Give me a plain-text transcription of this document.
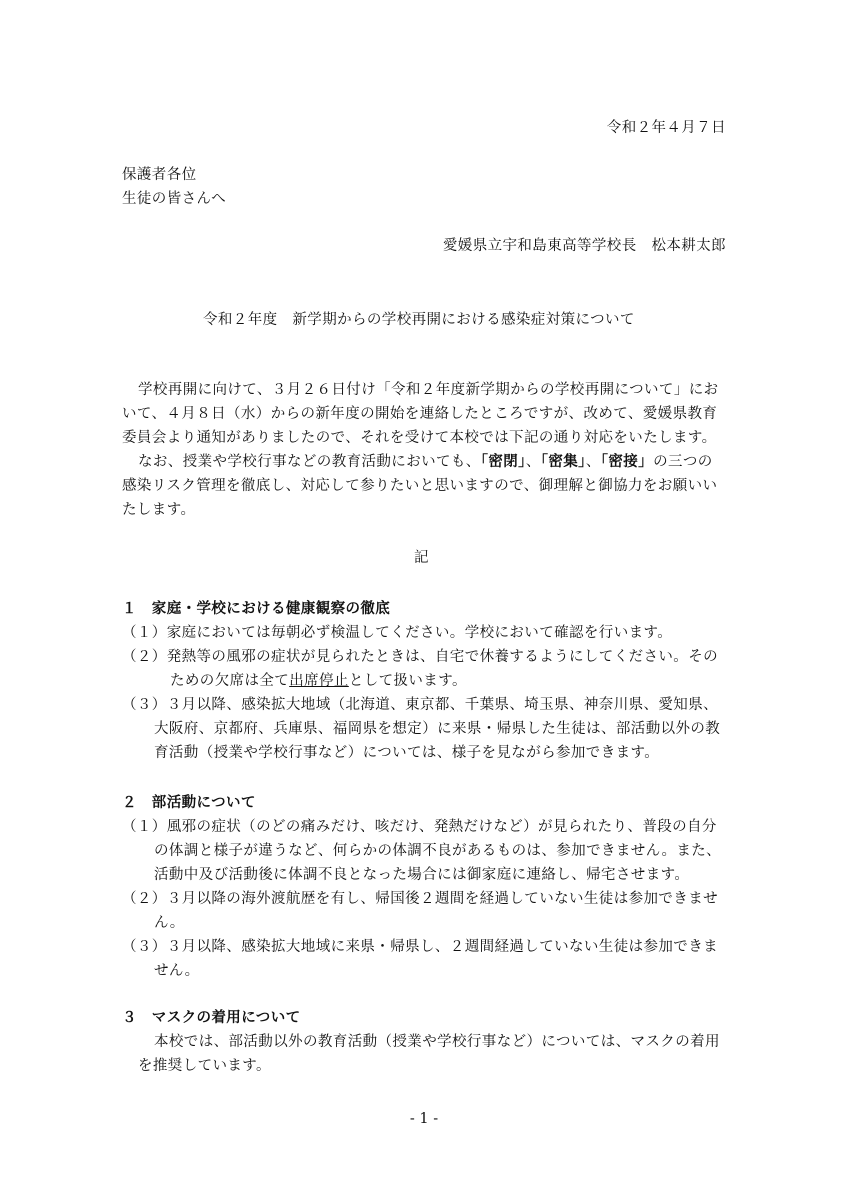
令和２年４月７日
保護者各位
生徒の皆さんへ
愛媛県立宇和島東高等学校長　松本耕太郎
令和２年度　新学期からの学校再開における感染症対策について
学校再開に向けて、３月２６日付け「令和２年度新学期からの学校再開について」にお
いて、４月８日（水）からの新年度の開始を連絡したところですが、改めて、愛媛県教育
委員会より通知がありましたので、それを受けて本校では下記の通り対応をいたします。
なお、授業や学校行事などの教育活動においても、「密閉」、「密集」、「密接」の三つの
感染リスク管理を徹底し、対応して参りたいと思いますので、御理解と御協力をお願いい
たします。
記
１　家庭・学校における健康観察の徹底
（１）家庭においては毎朝必ず検温してください。学校において確認を行います。
（２）発熱等の風邪の症状が見られたときは、自宅で休養するようにしてください。その
ための欠席は全て出席停止として扱います。
（３）３月以降、感染拡大地域（北海道、東京都、千葉県、埼玉県、神奈川県、愛知県、
大阪府、京都府、兵庫県、福岡県を想定）に来県・帰県した生徒は、部活動以外の教
育活動（授業や学校行事など）については、様子を見ながら参加できます。
２　部活動について
（１）風邪の症状（のどの痛みだけ、咳だけ、発熱だけなど）が見られたり、普段の自分
の体調と様子が違うなど、何らかの体調不良があるものは、参加できません。また、
活動中及び活動後に体調不良となった場合には御家庭に連絡し、帰宅させます。
（２）３月以降の海外渡航歴を有し、帰国後２週間を経過していない生徒は参加できませ
ん。
（３）３月以降、感染拡大地域に来県・帰県し、２週間経過していない生徒は参加できま
せん。
３　マスクの着用について
本校では、部活動以外の教育活動（授業や学校行事など）については、マスクの着用
を推奨しています。
- 1 -
